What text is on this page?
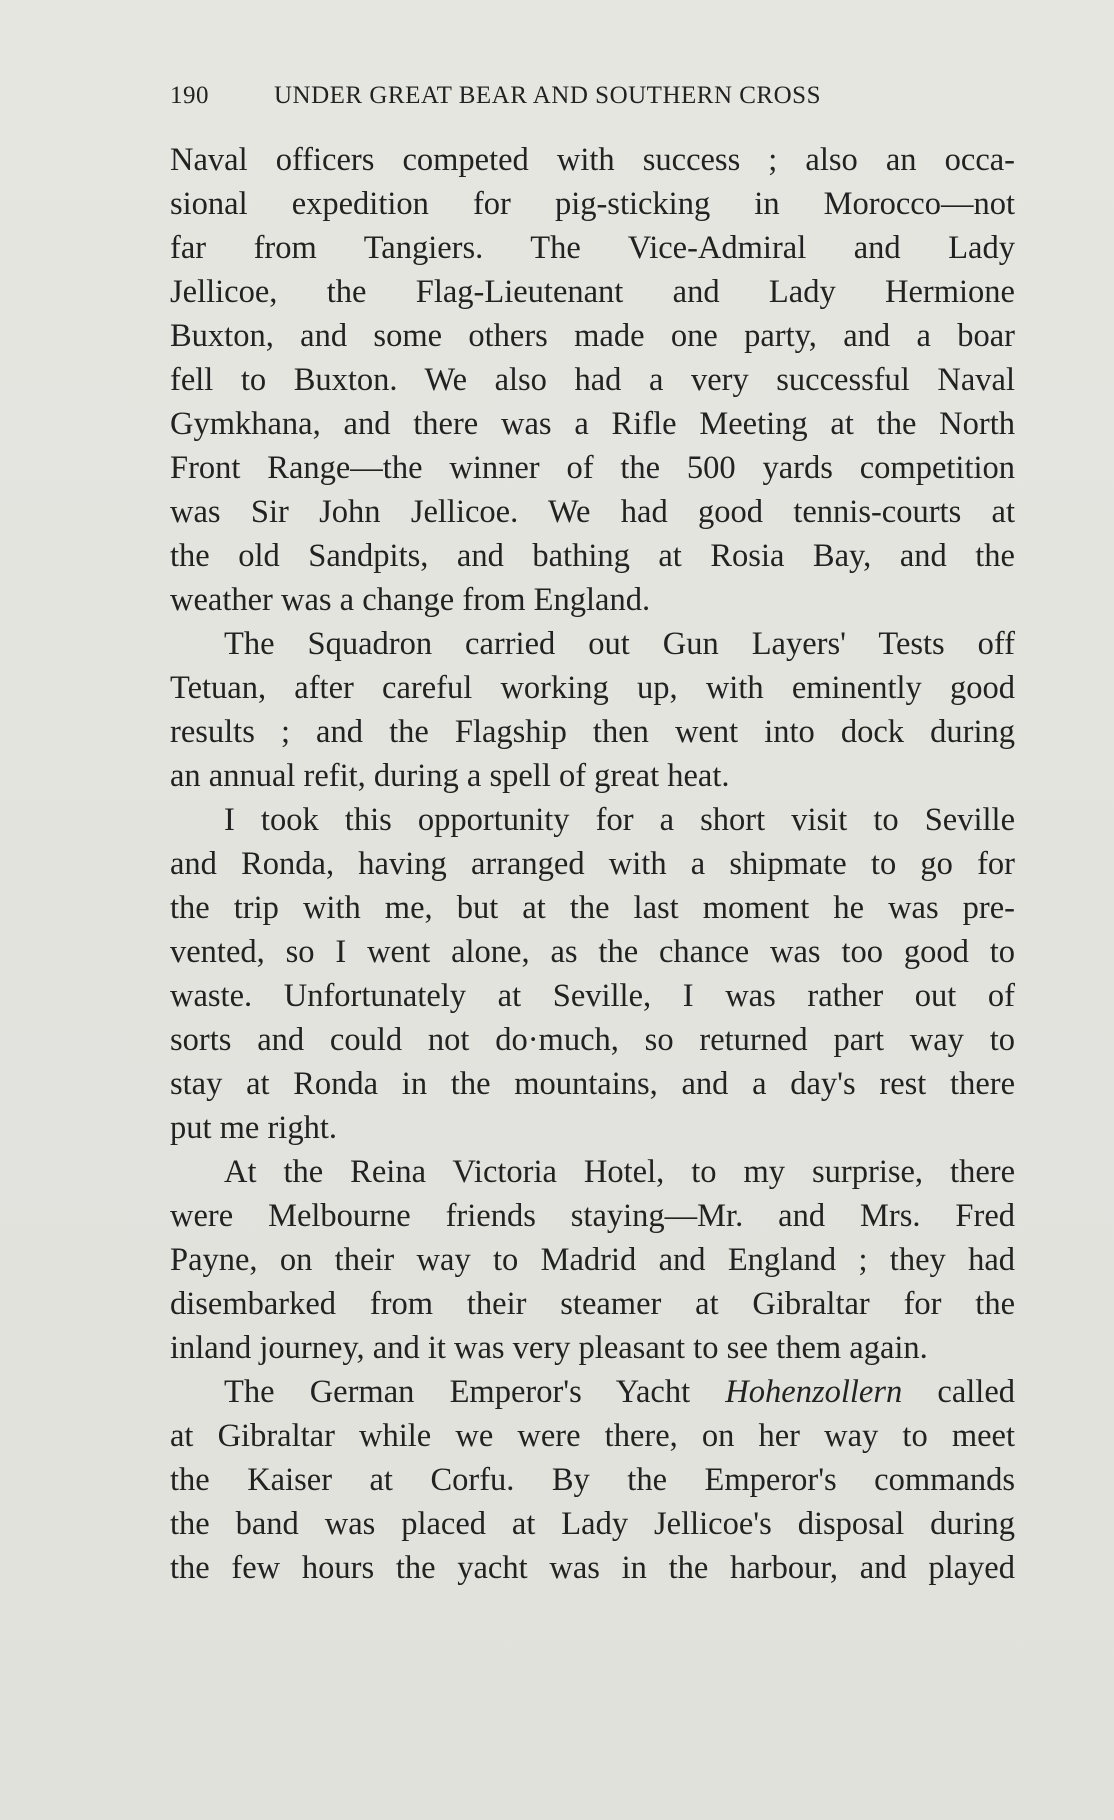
190	UNDER GREAT BEAR AND SOUTHERN CROSS
Naval officers competed with success ; also an occa-
sional expedition for pig-sticking in Morocco—not
far from Tangiers. The Vice-Admiral and Lady
Jellicoe, the Flag-Lieutenant and Lady Hermione
Buxton, and some others made one party, and a boar
fell to Buxton. We also had a very successful Naval
Gymkhana, and there was a Rifle Meeting at the North
Front Range—the winner of the 500 yards competition
was Sir John Jellicoe. We had good tennis-courts at
the old Sandpits, and bathing at Rosia Bay, and the
weather was a change from England.
The Squadron carried out Gun Layers' Tests off
Tetuan, after careful working up, with eminently good
results ; and the Flagship then went into dock during
an annual refit, during a spell of great heat.
I took this opportunity for a short visit to Seville
and Ronda, having arranged with a shipmate to go for
the trip with me, but at the last moment he was pre-
vented, so I went alone, as the chance was too good to
waste. Unfortunately at Seville, I was rather out of
sorts and could not do·much, so returned part way to
stay at Ronda in the mountains, and a day's rest there
put me right.
At the Reina Victoria Hotel, to my surprise, there
were Melbourne friends staying—Mr. and Mrs. Fred
Payne, on their way to Madrid and England ; they had
disembarked from their steamer at Gibraltar for the
inland journey, and it was very pleasant to see them again.
The German Emperor's Yacht Hohenzollern called
at Gibraltar while we were there, on her way to meet
the Kaiser at Corfu. By the Emperor's commands
the band was placed at Lady Jellicoe's disposal during
the few hours the yacht was in the harbour, and played
